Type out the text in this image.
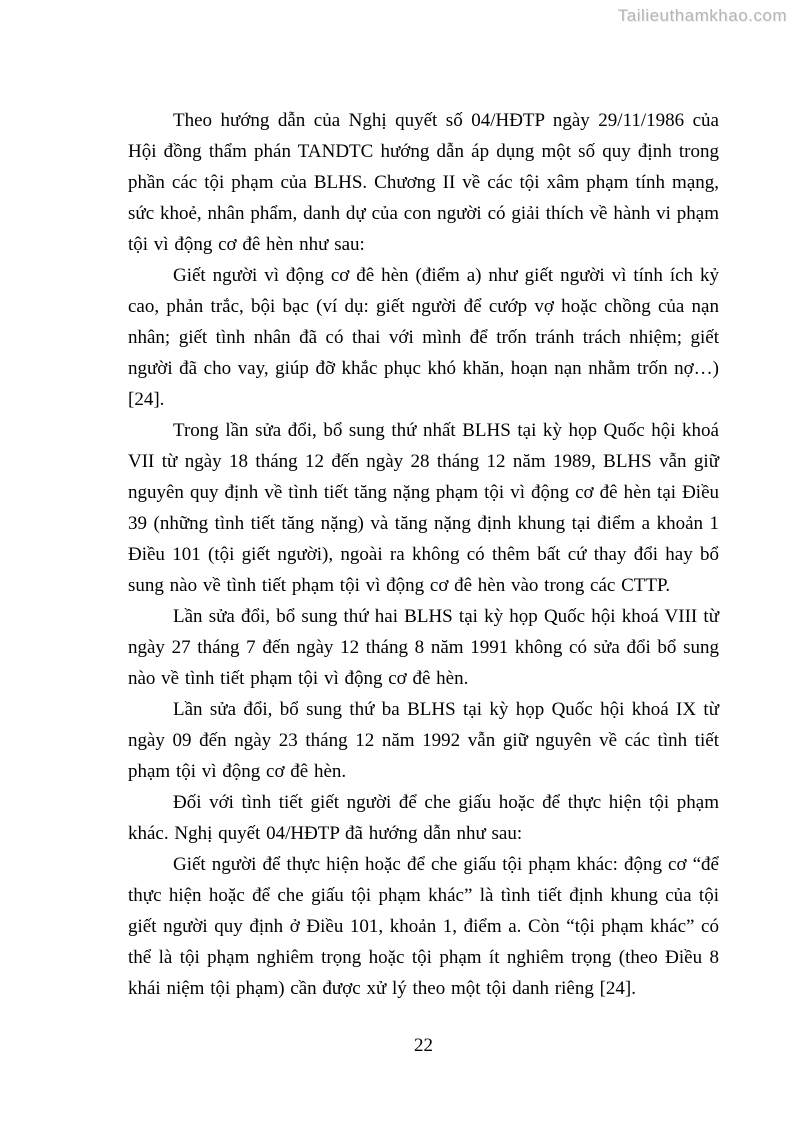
Tailieuthamkhao.com

Theo hướng dẫn của Nghị quyết số 04/HĐTP ngày 29/11/1986 của Hội đồng thẩm phán TANDTC hướng dẫn áp dụng một số quy định trong phần các tội phạm của BLHS. Chương II về các tội xâm phạm tính mạng, sức khoẻ, nhân phẩm, danh dự của con người có giải thích về hành vi phạm tội vì động cơ đê hèn như sau:

Giết người vì động cơ đê hèn (điểm a) như giết người vì tính ích kỷ cao, phản trắc, bội bạc (ví dụ: giết người để cướp vợ hoặc chồng của nạn nhân; giết tình nhân đã có thai với mình để trốn tránh trách nhiệm; giết người đã cho vay, giúp đỡ khắc phục khó khăn, hoạn nạn nhằm trốn nợ…) [24].

Trong lần sửa đổi, bổ sung thứ nhất BLHS tại kỳ họp Quốc hội khoá VII từ ngày 18 tháng 12 đến ngày 28 tháng 12 năm 1989, BLHS vẫn giữ nguyên quy định về tình tiết tăng nặng phạm tội vì động cơ đê hèn tại Điều 39 (những tình tiết tăng nặng) và tăng nặng định khung tại điểm a khoản 1 Điều 101 (tội giết người), ngoài ra không có thêm bất cứ thay đổi hay bổ sung nào về tình tiết phạm tội vì động cơ đê hèn vào trong các CTTP.

Lần sửa đổi, bổ sung thứ hai BLHS tại kỳ họp Quốc hội khoá VIII từ ngày 27 tháng 7 đến ngày 12 tháng 8 năm 1991 không có sửa đổi bổ sung nào về tình tiết phạm tội vì động cơ đê hèn.

Lần sửa đổi, bổ sung thứ ba BLHS tại kỳ họp Quốc hội khoá IX từ ngày 09 đến ngày 23 tháng 12 năm 1992 vẫn giữ nguyên về các tình tiết phạm tội vì động cơ đê hèn.

Đối với tình tiết giết người để che giấu hoặc để thực hiện tội phạm khác. Nghị quyết 04/HĐTP đã hướng dẫn như sau:

Giết người để thực hiện hoặc để che giấu tội phạm khác: động cơ “để thực hiện hoặc để che giấu tội phạm khác” là tình tiết định khung của tội giết người quy định ở Điều 101, khoản 1, điểm a. Còn “tội phạm khác” có thể là tội phạm nghiêm trọng hoặc tội phạm ít nghiêm trọng (theo Điều 8 khái niệm tội phạm) cần được xử lý theo một tội danh riêng [24].

22
